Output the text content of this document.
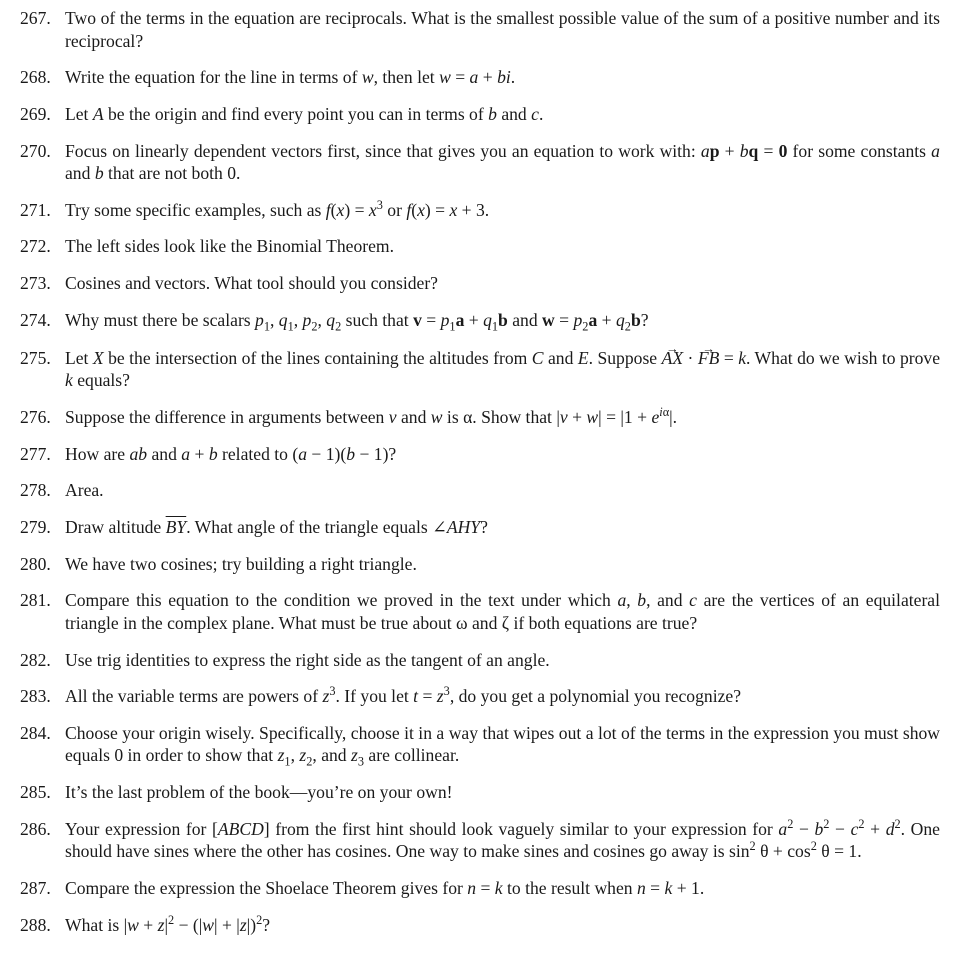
267. Two of the terms in the equation are reciprocals. What is the smallest possible value of the sum of a positive number and its reciprocal?
268. Write the equation for the line in terms of w, then let w = a + bi.
269. Let A be the origin and find every point you can in terms of b and c.
270. Focus on linearly dependent vectors first, since that gives you an equation to work with: ap + bq = 0 for some constants a and b that are not both 0.
271. Try some specific examples, such as $f(x) = x^3$ or f(x) = x + 3.
272. The left sides look like the Binomial Theorem.
273. Cosines and vectors. What tool should you consider?
274. Why must there be scalars $p_1$, $q_1$, $p_2$, $q_2$ such that $v = p_1a + q_1b$ and $w = p_2a + q_2b$?
275. Let X be the intersection of the lines containing the altitudes from C and E. Suppose → AX · → FB = k. What do we wish to prove k equals?
276. Suppose the difference in arguments between v and w is α. Show that $|v + w| = |1 + e^{i\alpha}|$.
277. How are ab and a + b related to (a − 1)(b − 1)?
278. Area.
279. Draw altitude $\overline{BY}$. What angle of the triangle equals ∠AHY?
280. We have two cosines; try building a right triangle.
281. Compare this equation to the condition we proved in the text under which a, b, and c are the vertices of an equilateral triangle in the complex plane. What must be true about ω and ζ if both equations are true?
282. Use trig identities to express the right side as the tangent of an angle.
283. All the variable terms are powers of $z^3$. If you let $t = z^3$, do you get a polynomial you recognize?
284. Choose your origin wisely. Specifically, choose it in a way that wipes out a lot of the terms in the expression you must show equals 0 in order to show that $z_1$, $z_2$, and $z_3$ are collinear.
285. It’s the last problem of the book—you’re on your own!
286. Your expression for [ABCD] from the first hint should look vaguely similar to your expression for $a^2 - b^2 - c^2 + d^2$. One should have sines where the other has cosines. One way to make sines and cosines go away is $\sin^2 \theta + \cos^2 \theta = 1$.
287. Compare the expression the Shoelace Theorem gives for n = k to the result when n = k + 1.
288. What is $|w + z|^2 - (|w| + |z|)^2$?
